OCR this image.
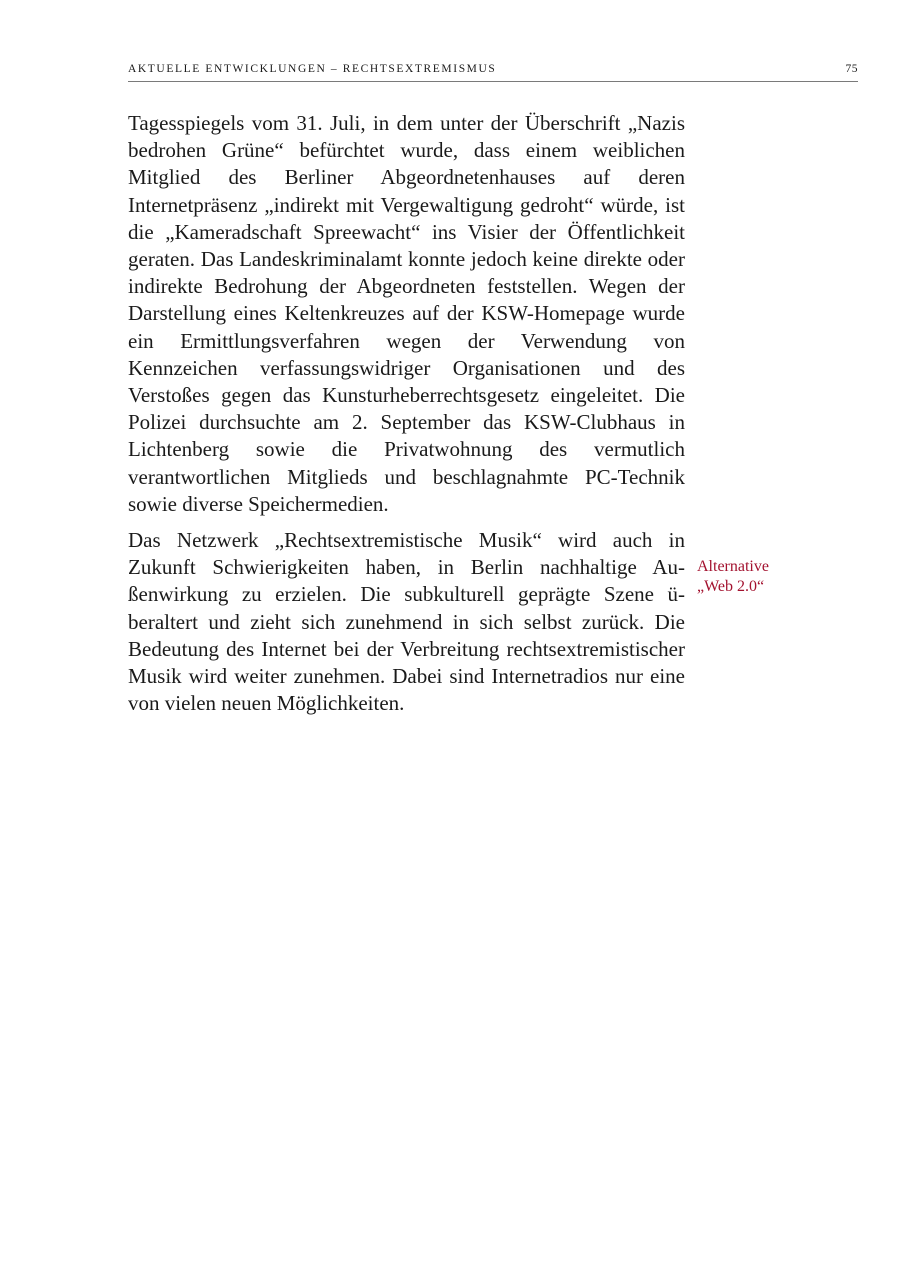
AKTUELLE ENTWICKLUNGEN – RECHTSEXTREMISMUS	75

Tagesspiegels vom 31. Juli, in dem unter der Überschrift „Nazis bedrohen Grüne“ befürchtet wurde, dass einem weiblichen Mitglied des Berliner Abgeordnetenhauses auf deren Internetpräsenz „indirekt mit Vergewaltigung gedroht“ würde, ist die „Kameradschaft Spreewacht“ ins Visier der Öffentlichkeit geraten. Das Landeskriminalamt konnte jedoch keine direkte oder indirekte Bedrohung der Abgeordneten feststellen. Wegen der Darstellung eines Keltenkreuzes auf der KSW-Homepage wurde ein Ermittlungsverfahren wegen der Verwendung von Kennzeichen verfassungswidriger Organisationen und des Verstoßes gegen das Kunsturheberrechtsgesetz eingeleitet. Die Polizei durchsuchte am 2. September das KSW-Clubhaus in Lichtenberg sowie die Privatwohnung des vermutlich verantwortlichen Mitglieds und beschlagnahmte PC-Technik sowie diverse Speichermedien.

Das Netzwerk „Rechtsextremistische Musik“ wird auch in Zukunft Schwierigkeiten haben, in Berlin nachhaltige Außenwirkung zu erzielen. Die subkulturell geprägte Szene überaltert und zieht sich zunehmend in sich selbst zurück. Die Bedeutung des Internet bei der Verbreitung rechtsextremistischer Musik wird weiter zunehmen. Dabei sind Internetradios nur eine von vielen neuen Möglichkeiten.

Alternative
„Web 2.0“
